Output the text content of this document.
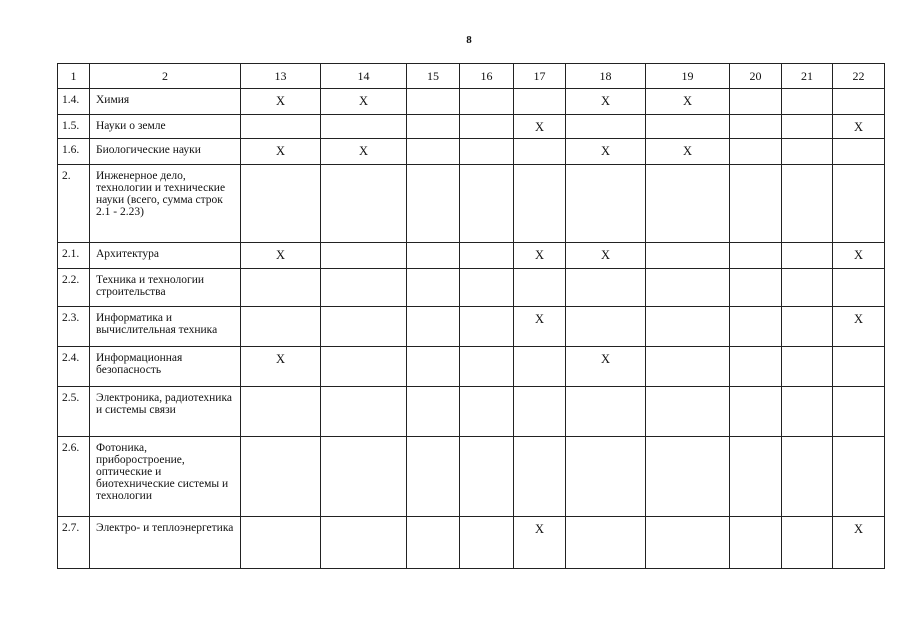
8
1	2	13	14	15	16	17	18	19	20	21	22
1.4.	Химия	X	X				X	X			
1.5.	Науки о земле					X					X
1.6.	Биологические науки	X	X				X	X			
2.	Инженерное дело, технологии и технические науки (всего, сумма строк 2.1 - 2.23)										
2.1.	Архитектура	X				X	X				X
2.2.	Техника и технологии строительства										
2.3.	Информатика и вычислительная техника					X					X
2.4.	Информационная безопасность	X					X				
2.5.	Электроника, радиотехника и системы связи										
2.6.	Фотоника, приборостроение, оптические и биотехнические системы и технологии										
2.7.	Электро- и теплоэнергетика					X					X
